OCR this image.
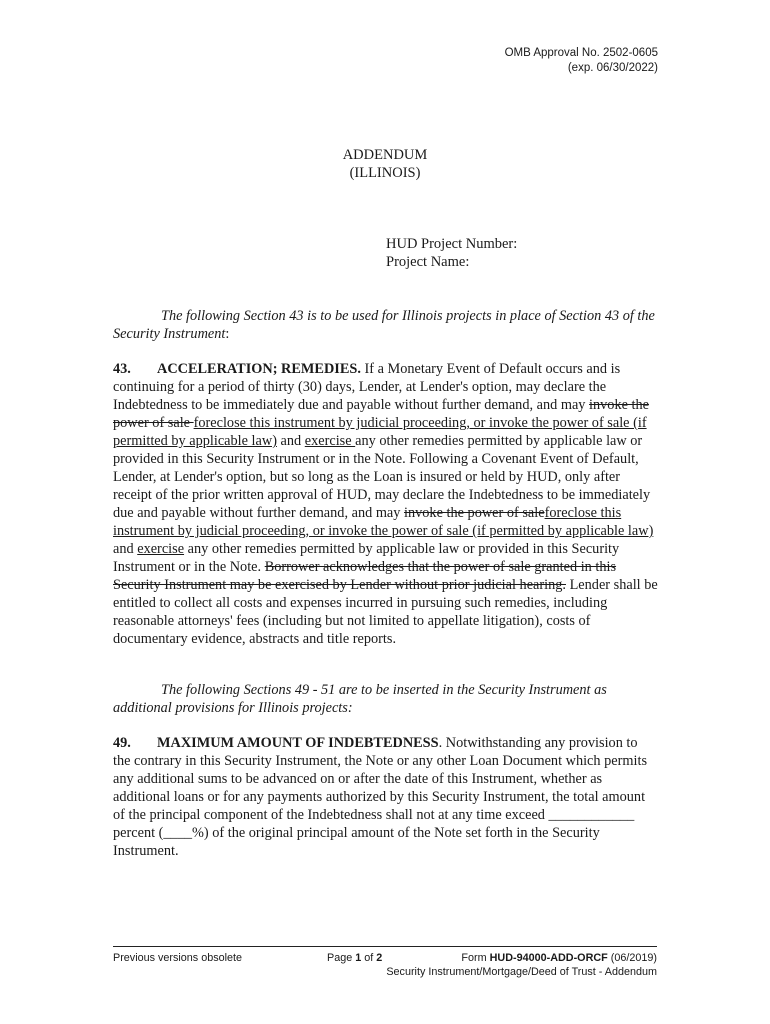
OMB Approval No. 2502-0605
(exp. 06/30/2022)
ADDENDUM
(ILLINOIS)
HUD Project Number:
Project Name:
The following Section 43 is to be used for Illinois projects in place of Section 43 of the Security Instrument:
43. ACCELERATION; REMEDIES. If a Monetary Event of Default occurs and is continuing for a period of thirty (30) days, Lender, at Lender's option, may declare the Indebtedness to be immediately due and payable without further demand, and may invoke the power of sale foreclose this instrument by judicial proceeding, or invoke the power of sale (if permitted by applicable law) and exercise any other remedies permitted by applicable law or provided in this Security Instrument or in the Note. Following a Covenant Event of Default, Lender, at Lender's option, but so long as the Loan is insured or held by HUD, only after receipt of the prior written approval of HUD, may declare the Indebtedness to be immediately due and payable without further demand, and may invoke the power of saleforeclose this instrument by judicial proceeding, or invoke the power of sale (if permitted by applicable law) and exercise any other remedies permitted by applicable law or provided in this Security Instrument or in the Note. Borrower acknowledges that the power of sale granted in this Security Instrument may be exercised by Lender without prior judicial hearing. Lender shall be entitled to collect all costs and expenses incurred in pursuing such remedies, including reasonable attorneys' fees (including but not limited to appellate litigation), costs of documentary evidence, abstracts and title reports.
The following Sections 49 - 51 are to be inserted in the Security Instrument as additional provisions for Illinois projects:
49. MAXIMUM AMOUNT OF INDEBTEDNESS. Notwithstanding any provision to the contrary in this Security Instrument, the Note or any other Loan Document which permits any additional sums to be advanced on or after the date of this Instrument, whether as additional loans or for any payments authorized by this Security Instrument, the total amount of the principal component of the Indebtedness shall not at any time exceed ____________ percent (____%) of the original principal amount of the Note set forth in the Security Instrument.
Previous versions obsolete	Page 1 of 2	Form HUD-94000-ADD-ORCF (06/2019)
Security Instrument/Mortgage/Deed of Trust - Addendum
